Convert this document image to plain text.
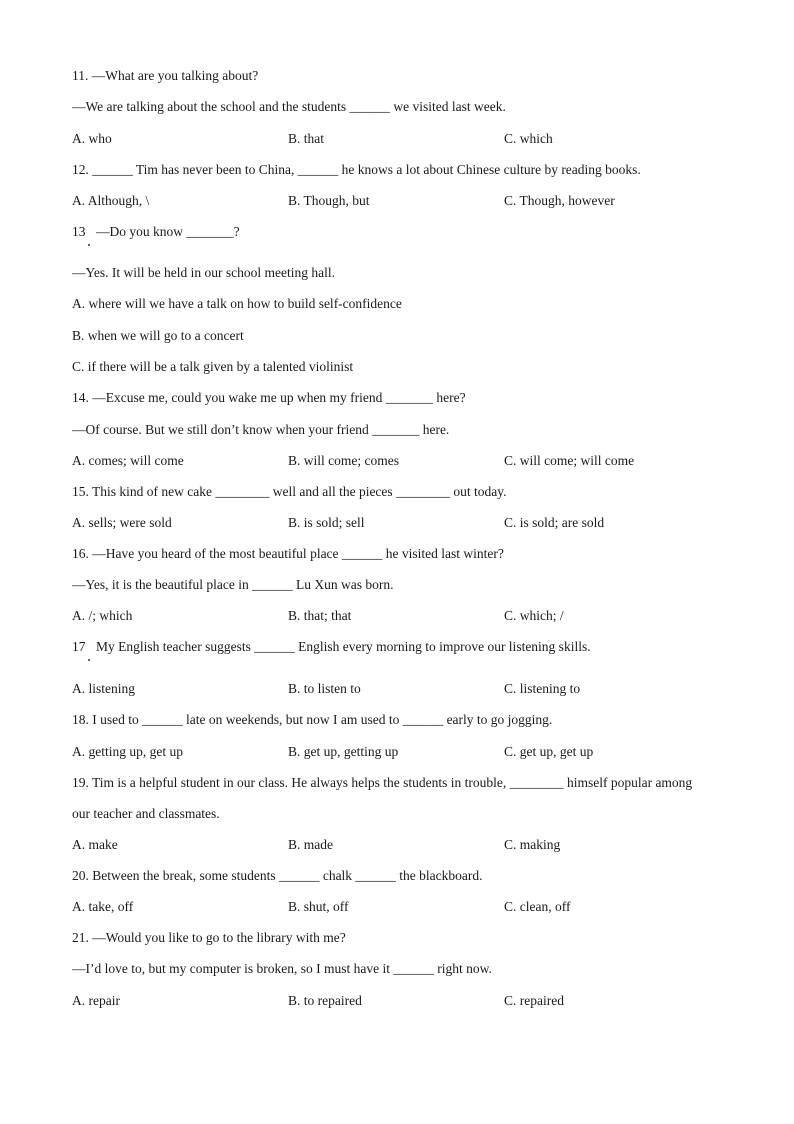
11. —What are you talking about?
—We are talking about the school and the students ______ we visited last week.
A. who	B. that	C. which
12. ______ Tim has never been to China, ______ he knows a lot about Chinese culture by reading books.
A. Although, \	B. Though, but	C. Though, however
13 —Do you know _______?
—Yes. It will be held in our school meeting hall.
A. where will we have a talk on how to build self-confidence
B. when we will go to a concert
C. if there will be a talk given by a talented violinist
14. —Excuse me, could you wake me up when my friend _______ here?
—Of course. But we still don’t know when your friend _______ here.
A. comes; will come	B. will come; comes	C. will come; will come
15. This kind of new cake ________ well and all the pieces ________ out today.
A. sells; were sold	B. is sold; sell	C. is sold; are sold
16. —Have you heard of the most beautiful place ______ he visited last winter?
—Yes, it is the beautiful place in ______ Lu Xun was born.
A. /; which	B. that; that	C. which; /
17 My English teacher suggests ______ English every morning to improve our listening skills.
A. listening	B. to listen to	C. listening to
18. I used to ______ late on weekends, but now I am used to ______ early to go jogging.
A. getting up, get up	B. get up, getting up	C. get up, get up
19. Tim is a helpful student in our class. He always helps the students in trouble, ________ himself popular among
our teacher and classmates.
A. make	B. made	C. making
20. Between the break, some students ______ chalk ______ the blackboard.
A. take, off	B. shut, off	C. clean, off
21. —Would you like to go to the library with me?
—I’d love to, but my computer is broken, so I must have it ______ right now.
A. repair	B. to repaired	C. repaired
